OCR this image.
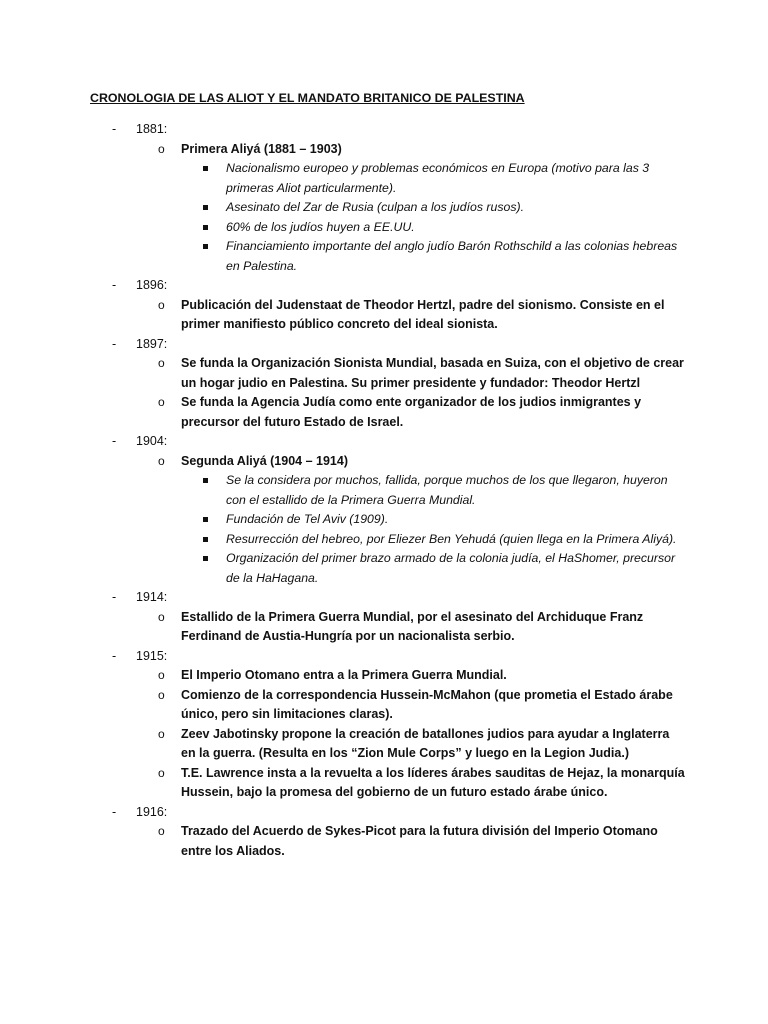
CRONOLOGIA DE LAS ALIOT Y EL MANDATO BRITANICO DE PALESTINA
- 1881:
o Primera Aliyá (1881 – 1903)
Nacionalismo europeo y problemas económicos en Europa (motivo para las 3 primeras Aliot particularmente).
Asesinato del Zar de Rusia (culpan a los judíos rusos).
60% de los judíos huyen a EE.UU.
Financiamiento importante del anglo judío Barón Rothschild a las colonias hebreas en Palestina.
- 1896:
o Publicación del Judenstaat de Theodor Hertzl, padre del sionismo. Consiste en el primer manifiesto público concreto del ideal sionista.
- 1897:
o Se funda la Organización Sionista Mundial, basada en Suiza, con el objetivo de crear un hogar judio en Palestina. Su primer presidente y fundador: Theodor Hertzl
o Se funda la Agencia Judía como ente organizador de los judios inmigrantes y precursor del futuro Estado de Israel.
- 1904:
o Segunda Aliyá (1904 – 1914)
Se la considera por muchos, fallida, porque muchos de los que llegaron, huyeron con el estallido de la Primera Guerra Mundial.
Fundación de Tel Aviv (1909).
Resurrección del hebreo, por Eliezer Ben Yehudá (quien llega en la Primera Aliyá).
Organización del primer brazo armado de la colonia judía, el HaShomer, precursor de la HaHagana.
- 1914:
o Estallido de la Primera Guerra Mundial, por el asesinato del Archiduque Franz Ferdinand de Austia-Hungría por un nacionalista serbio.
- 1915:
o El Imperio Otomano entra a la Primera Guerra Mundial.
o Comienzo de la correspondencia Hussein-McMahon (que prometia el Estado árabe único, pero sin limitaciones claras).
o Zeev Jabotinsky propone la creación de batallones judios para ayudar a Inglaterra en la guerra. (Resulta en los “Zion Mule Corps” y luego en la Legion Judia.)
o T.E. Lawrence insta a la revuelta a los líderes árabes sauditas de Hejaz, la monarquía Hussein, bajo la promesa del gobierno de un futuro estado árabe único.
- 1916:
o Trazado del Acuerdo de Sykes-Picot para la futura división del Imperio Otomano entre los Aliados.
